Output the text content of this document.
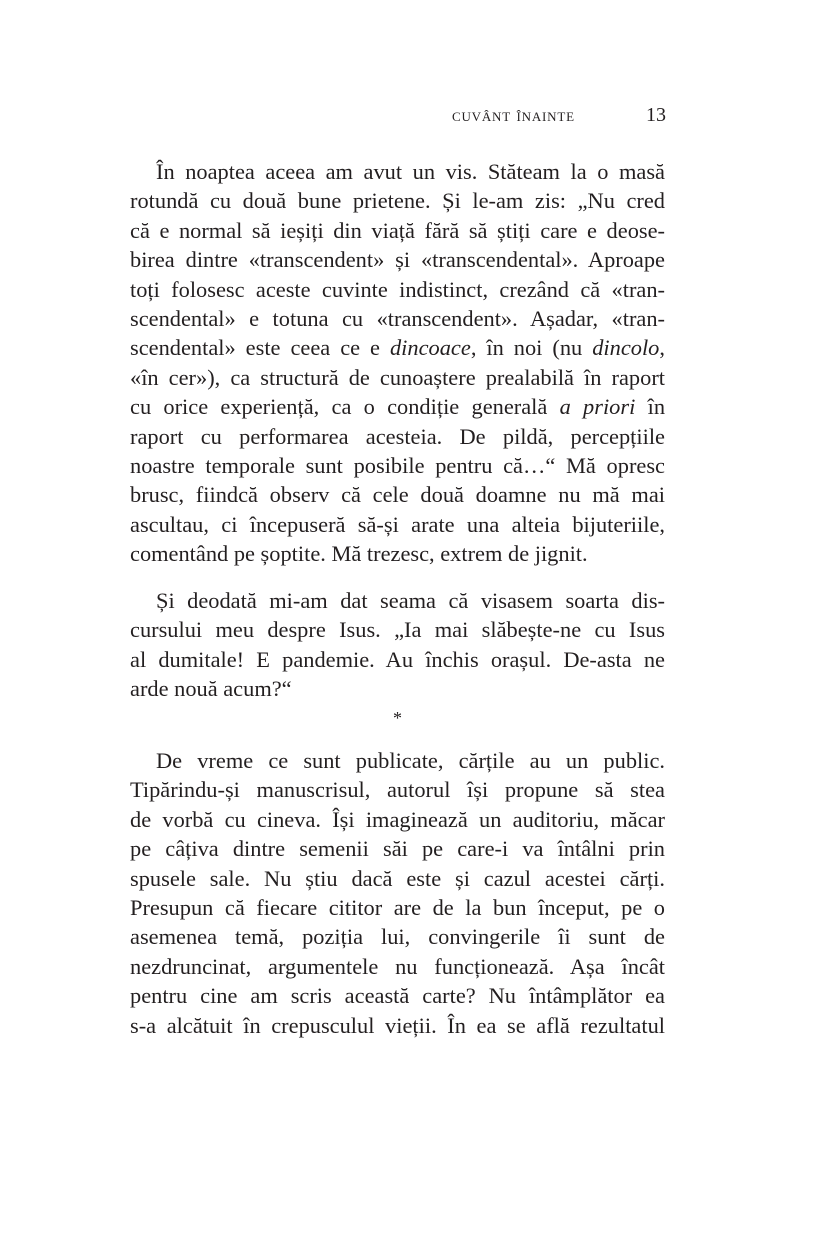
cuvânt înainte	13
În noaptea aceea am avut un vis. Stăteam la o masă
rotundă cu două bune prietene. Și le-am zis: „Nu cred
că e normal să ieșiți din viață fără să știți care e deose-
birea dintre «transcendent» și «transcendental». Aproape
toți folosesc aceste cuvinte indistinct, crezând că «tran-
scendental» e totuna cu «transcendent». Așadar, «tran-
scendental» este ceea ce e dincoace, în noi (nu dincolo,
«în cer»), ca structură de cunoaștere prealabilă în raport
cu orice experiență, ca o condiție generală a priori în
raport cu performarea acesteia. De pildă, percepțiile
noastre temporale sunt posibile pentru că…“ Mă opresc
brusc, fiindcă observ că cele două doamne nu mă mai
ascultau, ci începuseră să-și arate una alteia bijuteriile,
comentând pe șoptite. Mă trezesc, extrem de jignit.
Și deodată mi-am dat seama că visasem soarta dis-
cursului meu despre Isus. „Ia mai slăbește-ne cu Isus
al dumitale! E pandemie. Au închis orașul. De-asta ne
arde nouă acum?“
*
De vreme ce sunt publicate, cărțile au un public.
Tipărindu-și manuscrisul, autorul își propune să stea
de vorbă cu cineva. Își imaginează un auditoriu, măcar
pe câțiva dintre semenii săi pe care-i va întâlni prin
spusele sale. Nu știu dacă este și cazul acestei cărți.
Presupun că fiecare cititor are de la bun început, pe o
asemenea temă, poziția lui, convingerile îi sunt de
nezdruncinat, argumentele nu funcționează. Așa încât
pentru cine am scris această carte? Nu întâmplător ea
s-a alcătuit în crepusculul vieții. În ea se află rezultatul
